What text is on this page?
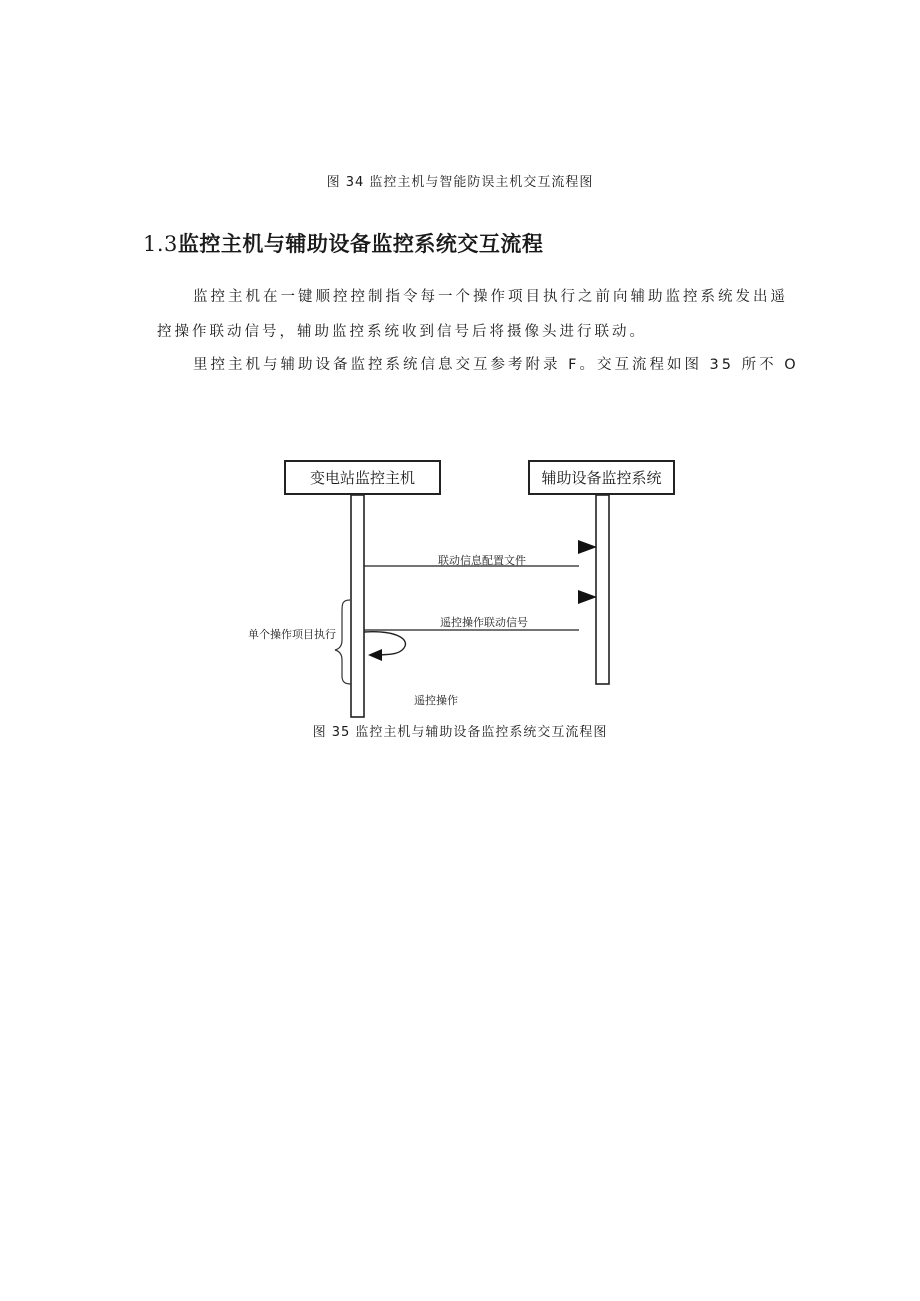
图 34 监控主机与智能防误主机交互流程图
1.3监控主机与辅助设备监控系统交互流程
监控主机在一键顺控控制指令每一个操作项目执行之前向辅助监控系统发出遥
控操作联动信号，辅助监控系统收到信号后将摄像头进行联动。
里控主机与辅助设备监控系统信息交互参考附录 F。交互流程如图 35 所不 O
变电站监控主机	辅助设备监控系统
联动信息配置文件
遥控操作联动信号
遥控操作
单个操作项目执行
图 35 监控主机与辅助设备监控系统交互流程图
